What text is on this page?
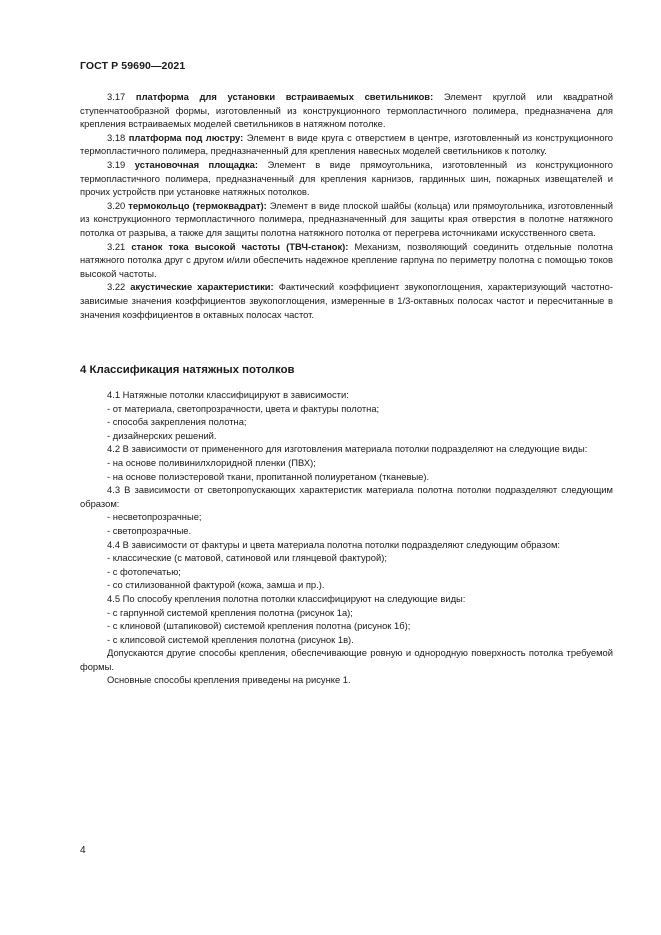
ГОСТ Р 59690—2021

3.17 платформа для установки встраиваемых светильников: Элемент круглой или квадратной ступенчатообразной формы, изготовленный из конструкционного термопластичного полимера, предназначена для крепления встраиваемых моделей светильников в натяжном потолке.

3.18 платформа под люстру: Элемент в виде круга с отверстием в центре, изготовленный из конструкционного термопластичного полимера, предназначенный для крепления навесных моделей светильников к потолку.

3.19 установочная площадка: Элемент в виде прямоугольника, изготовленный из конструкционного термопластичного полимера, предназначенный для крепления карнизов, гардинных шин, пожарных извещателей и прочих устройств при установке натяжных потолков.

3.20 термокольцо (термоквадрат): Элемент в виде плоской шайбы (кольца) или прямоугольника, изготовленный из конструкционного термопластичного полимера, предназначенный для защиты края отверстия в полотне натяжного потолка от разрыва, а также для защиты полотна натяжного потолка от перегрева источниками искусственного света.

3.21 станок тока высокой частоты (ТВЧ-станок): Механизм, позволяющий соединить отдельные полотна натяжного потолка друг с другом и/или обеспечить надежное крепление гарпуна по периметру полотна с помощью токов высокой частоты.

3.22 акустические характеристики: Фактический коэффициент звукопоглощения, характеризующий частотно-зависимые значения коэффициентов звукопоглощения, измеренные в 1/3-октавных полосах частот и пересчитанные в значения коэффициентов в октавных полосах частот.

4 Классификация натяжных потолков

4.1 Натяжные потолки классифицируют в зависимости:

- от материала, светопрозрачности, цвета и фактуры полотна;

- способа закрепления полотна;

- дизайнерских решений.

4.2 В зависимости от примененного для изготовления материала потолки подразделяют на следующие виды:

- на основе поливинилхлоридной пленки (ПВХ);

- на основе полиэстеровой ткани, пропитанной полиуретаном (тканевые).

4.3 В зависимости от светопропускающих характеристик материала полотна потолки подразделяют следующим образом:

- несветопрозрачные;

- светопрозрачные.

4.4 В зависимости от фактуры и цвета материала полотна потолки подразделяют следующим образом:

- классические (с матовой, сатиновой или глянцевой фактурой);

- с фотопечатью;

- со стилизованной фактурой (кожа, замша и пр.).

4.5 По способу крепления полотна потолки классифицируют на следующие виды:

- с гарпунной системой крепления полотна (рисунок 1а);

- с клиновой (штапиковой) системой крепления полотна (рисунок 1б);

- с клипсовой системой крепления полотна (рисунок 1в).

Допускаются другие способы крепления, обеспечивающие ровную и однородную поверхность потолка требуемой формы.

Основные способы крепления приведены на рисунке 1.

4
